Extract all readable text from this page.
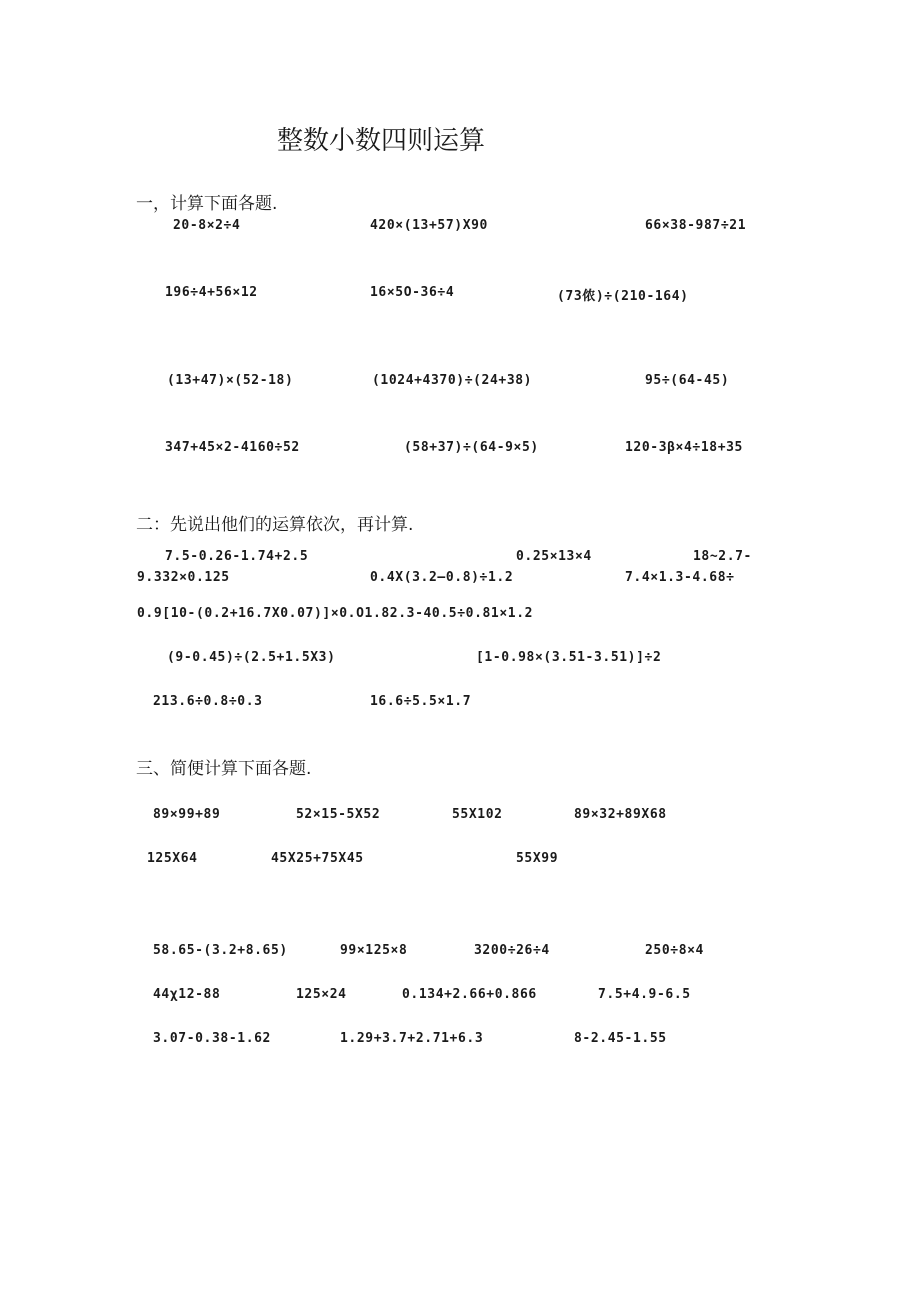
整数小数四则运算
一，计算下面各题.
20-8×2÷4	420×(13+57)X90	66×38-987÷21
196÷4+56×12	16×5O-36÷4	(73侬)÷(210-164)
(13+47)×(52-18)	(1024+4370)÷(24+38)	95÷(64-45)
347+45×2-4160÷52	(58+37)÷(64-9×5)	120-3β×4÷18+35
二：先说出他们的运算依次，再计算.
7.5-0.26-1.74+2.5	0.25×13×4	18~2.7-
9.332×0.125	0.4X(3.2—0.8)÷1.2	7.4×1.3-4.68÷
0.9[10-(0.2+16.7X0.07)]×0.O1.82.3-40.5÷0.81×1.2
(9-0.45)÷(2.5+1.5X3)	[1-0.98×(3.51-3.51)]÷2
213.6÷0.8÷0.3	16.6÷5.5×1.7
三、简便计算下面各题.
89×99+89	52×15-5X52	55X102	89×32+89X68
125X64	45X25+75X45	55X99
58.65-(3.2+8.65)	99×125×8	3200÷26÷4	250÷8×4
44χ12-88	125×24	0.134+2.66+0.866	7.5+4.9-6.5
3.07-0.38-1.62	1.29+3.7+2.71+6.3	8-2.45-1.55
